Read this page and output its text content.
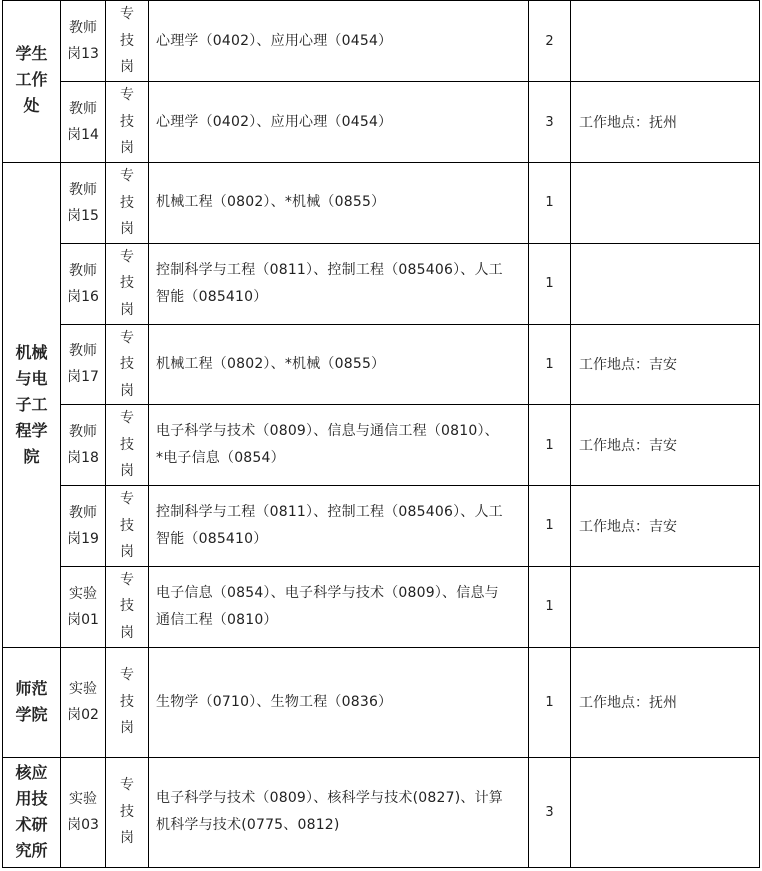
学生
工作
处	教师
岗13	专
技
岗	心理学（0402）、应用心理（0454）	2	

	教师
岗14	专
技
岗	心理学（0402）、应用心理（0454）	3	工作地点：抚州

机械
与电
子工
程学
院	教师
岗15	专
技
岗	机械工程（0802）、*机械（0855）	1	

	教师
岗16	专
技
岗	控制科学与工程（0811）、控制工程（085406）、人工
智能（085410）	1	

	教师
岗17	专
技
岗	机械工程（0802）、*机械（0855）	1	工作地点：吉安

	教师
岗18	专
技
岗	电子科学与技术（0809）、信息与通信工程（0810）、
*电子信息（0854）	1	工作地点：吉安

	教师
岗19	专
技
岗	控制科学与工程（0811）、控制工程（085406）、人工
智能（085410）	1	工作地点：吉安

	实验
岗01	专
技
岗	电子信息（0854）、电子科学与技术（0809）、信息与
通信工程（0810）	1	

师范
学院	实验
岗02	专
技
岗	生物学（0710）、生物工程（0836）	1	工作地点：抚州

核应
用技
术研
究所	实验
岗03	专
技
岗	电子科学与技术（0809）、核科学与技术(0827)、计算
机科学与技术(0775、0812)	3	
